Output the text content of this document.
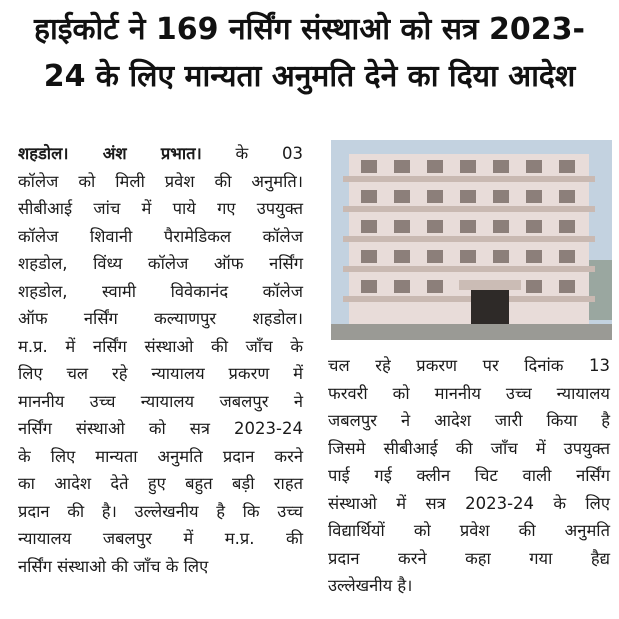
हाईकोर्ट ने 169 नर्सिंग संस्थाओ को सत्र 2023-
24 के लिए मान्यता अनुमति देने का दिया आदेश
शहडोल। अंश प्रभात। के 03
कॉलेज को मिली प्रवेश की अनुमति।
सीबीआई जांच में पाये गए उपयुक्त
कॉलेज शिवानी पैरामेडिकल कॉलेज
शहडोल, विंध्य कॉलेज ऑफ नर्सिंग
शहडोल, स्वामी विवेकानंद कॉलेज
ऑफ नर्सिंग कल्याणपुर शहडोल।
म.प्र. में नर्सिंग संस्थाओ की जाँच के
लिए चल रहे न्यायालय प्रकरण में
माननीय उच्च न्यायालय जबलपुर ने
नर्सिंग संस्थाओ को सत्र 2023-24
के लिए मान्यता अनुमति प्रदान करने
का आदेश देते हुए बहुत बड़ी राहत
प्रदान की है। उल्लेखनीय है कि उच्च
न्यायालय जबलपुर में म.प्र. की
नर्सिंग संस्थाओ की जाँच के लिए
चल रहे प्रकरण पर दिनांक 13
फरवरी को माननीय उच्च न्यायालय
जबलपुर ने आदेश जारी किया है
जिसमे सीबीआई की जाँच में उपयुक्त
पाई गई क्लीन चिट वाली नर्सिंग
संस्थाओ में सत्र 2023-24 के लिए
विद्यार्थियों को प्रवेश की अनुमति
प्रदान करने कहा गया हैद्य
उल्लेखनीय है।
